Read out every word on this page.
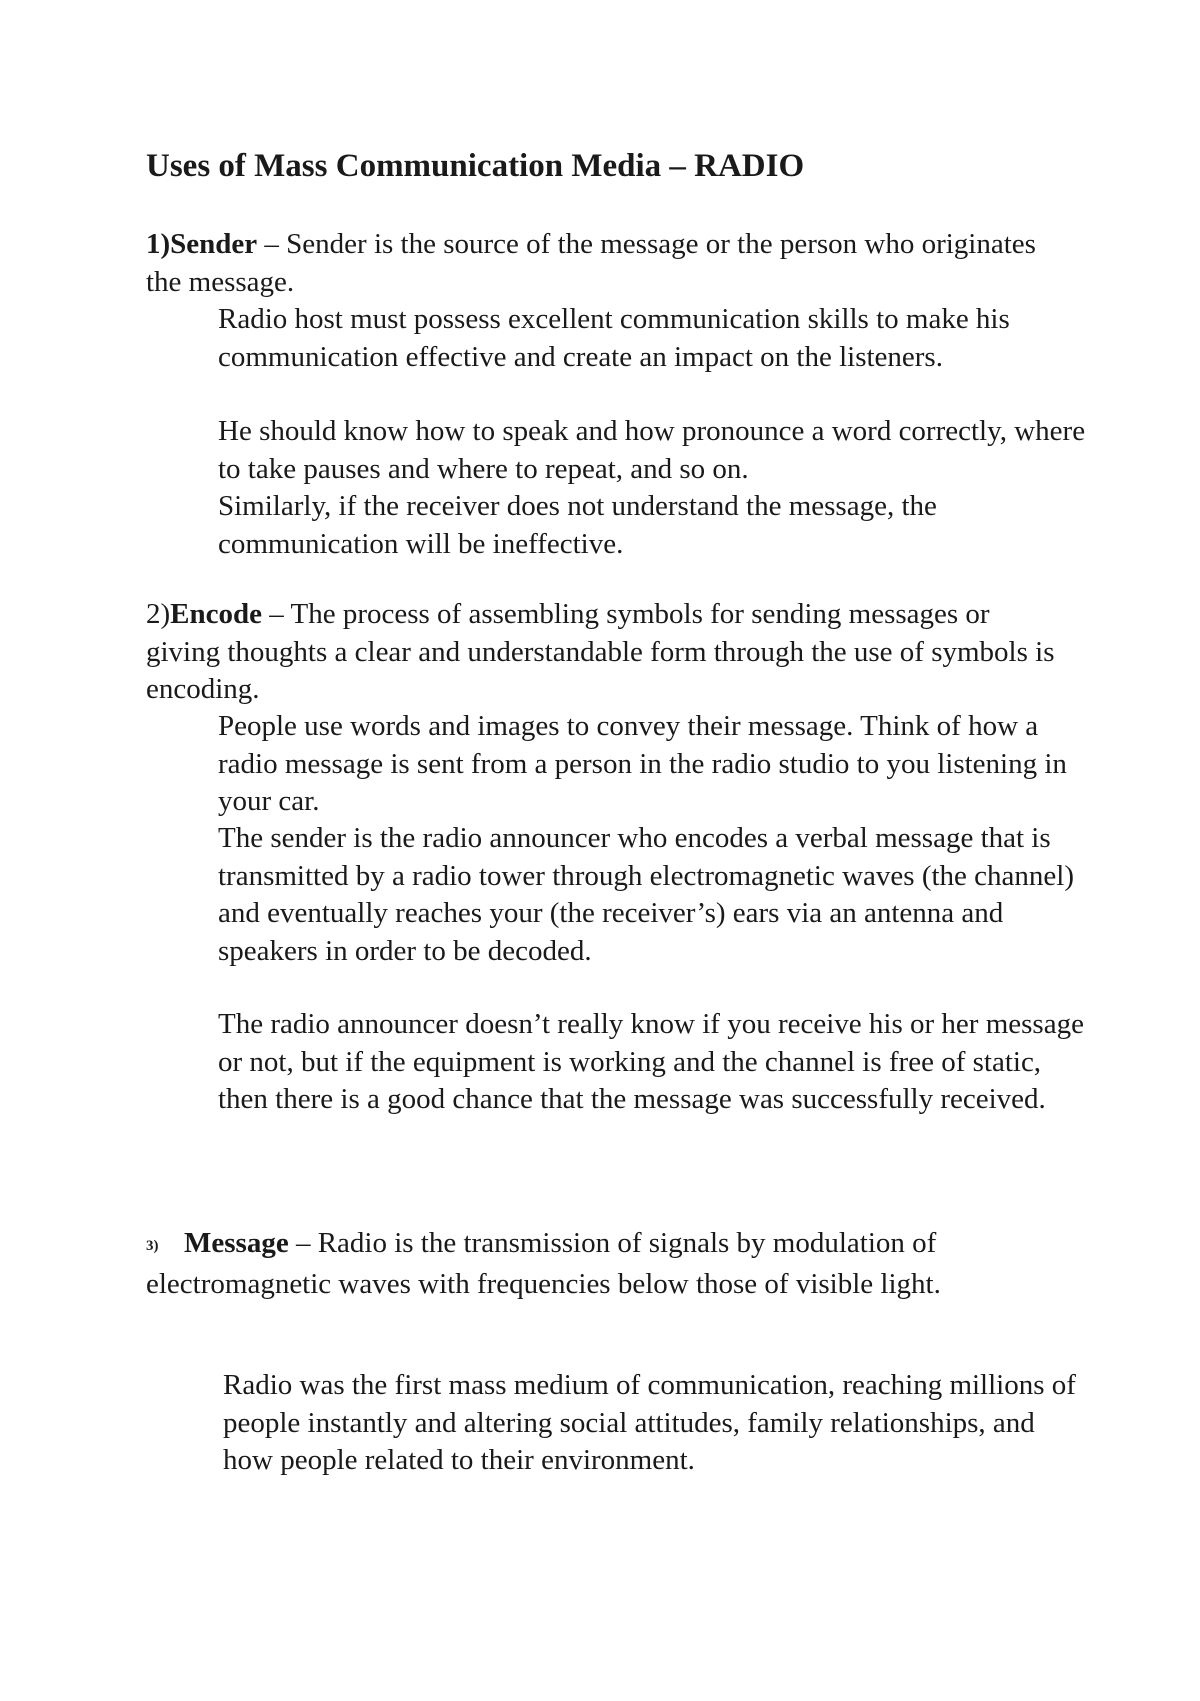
Uses of Mass Communication Media – RADIO

1)Sender – Sender is the source of the message or the person who originates the message.

Radio host must possess excellent communication skills to make his communication effective and create an impact on the listeners.

He should know how to speak and how pronounce a word correctly, where to take pauses and where to repeat, and so on.

Similarly, if the receiver does not understand the message, the communication will be ineffective.

2)Encode – The process of assembling symbols for sending messages or giving thoughts a clear and understandable form through the use of symbols is encoding.

People use words and images to convey their message. Think of how a radio message is sent from a person in the radio studio to you listening in your car.

The sender is the radio announcer who encodes a verbal message that is transmitted by a radio tower through electromagnetic waves (the channel) and eventually reaches your (the receiver’s) ears via an antenna and speakers in order to be decoded.

The radio announcer doesn’t really know if you receive his or her message or not, but if the equipment is working and the channel is free of static, then there is a good chance that the message was successfully received.

3) Message – Radio is the transmission of signals by modulation of electromagnetic waves with frequencies below those of visible light.

Radio was the first mass medium of communication, reaching millions of people instantly and altering social attitudes, family relationships, and how people related to their environment.
